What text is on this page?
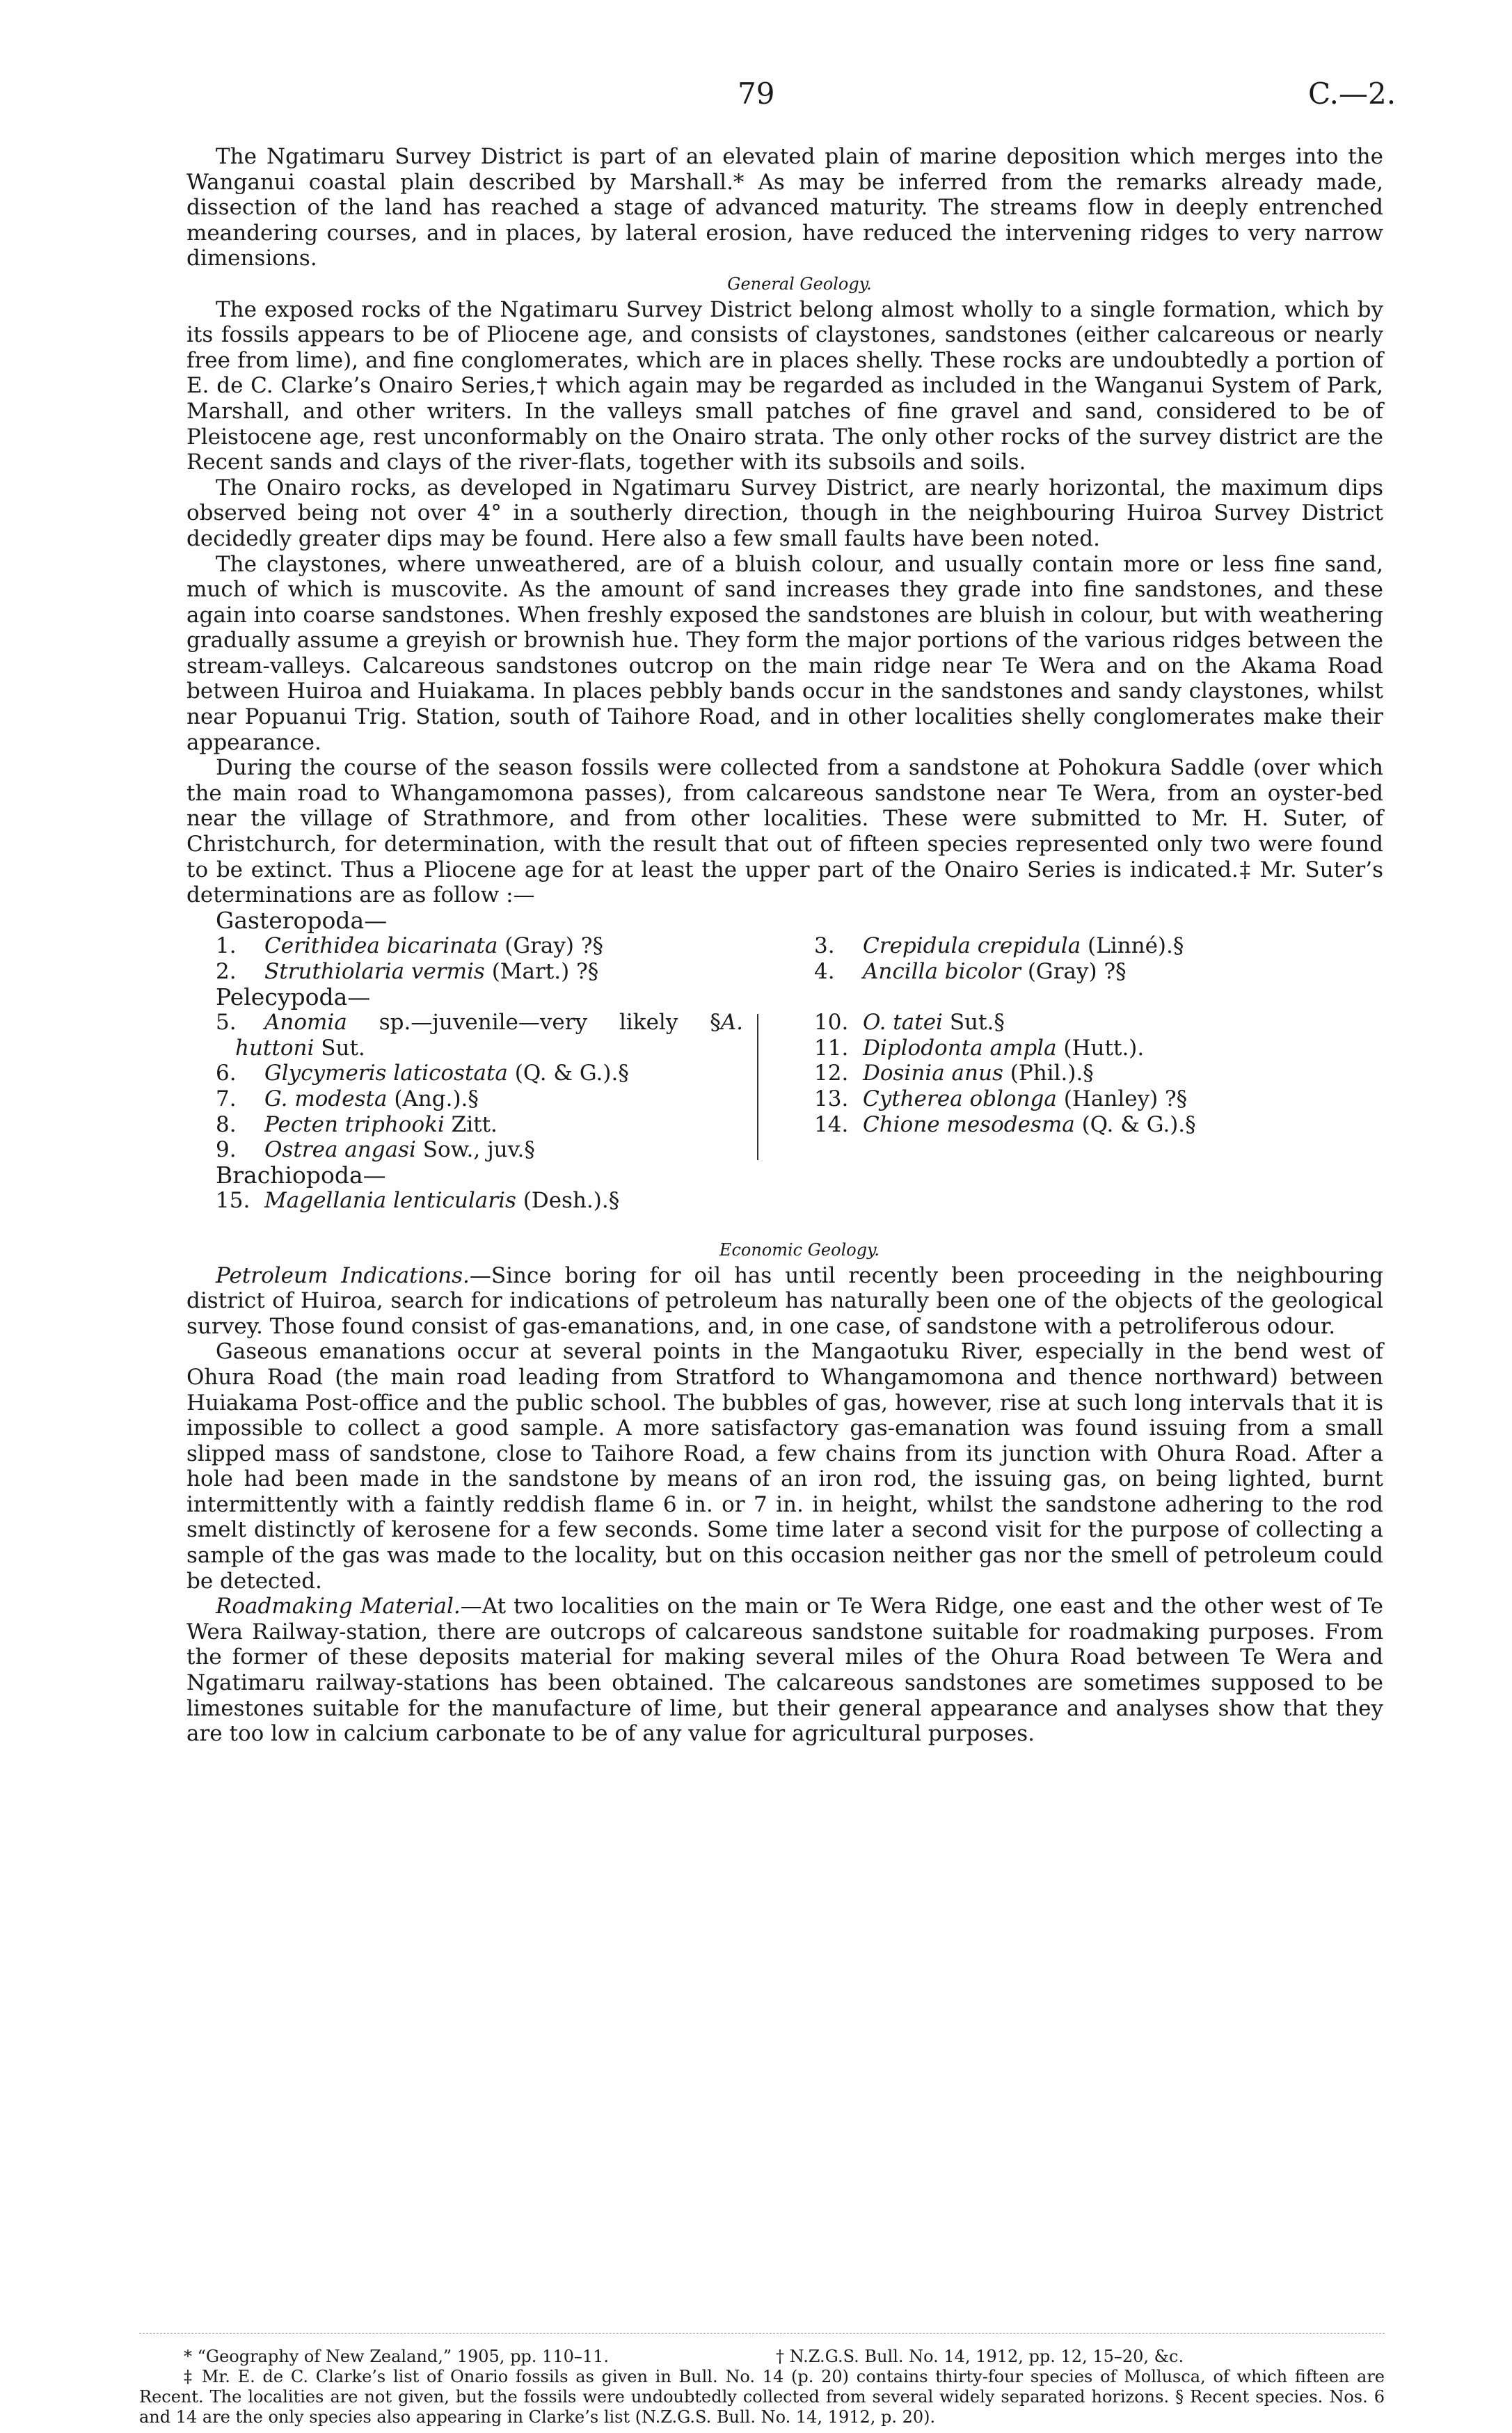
79	C.—2.

The Ngatimaru Survey District is part of an elevated plain of marine deposition which merges into the Wanganui coastal plain described by Marshall.* As may be inferred from the remarks already made, dissection of the land has reached a stage of advanced maturity. The streams flow in deeply entrenched meandering courses, and in places, by lateral erosion, have reduced the intervening ridges to very narrow dimensions.

General Geology.

The exposed rocks of the Ngatimaru Survey District belong almost wholly to a single formation, which by its fossils appears to be of Pliocene age, and consists of claystones, sandstones (either calcareous or nearly free from lime), and fine conglomerates, which are in places shelly. These rocks are undoubtedly a portion of E. de C. Clarke’s Onairo Series,† which again may be regarded as included in the Wanganui System of Park, Marshall, and other writers. In the valleys small patches of fine gravel and sand, considered to be of Pleistocene age, rest unconformably on the Onairo strata. The only other rocks of the survey district are the Recent sands and clays of the river-flats, together with its subsoils and soils.

The Onairo rocks, as developed in Ngatimaru Survey District, are nearly horizontal, the maximum dips observed being not over 4° in a southerly direction, though in the neighbouring Huiroa Survey District decidedly greater dips may be found. Here also a few small faults have been noted.

The claystones, where unweathered, are of a bluish colour, and usually contain more or less fine sand, much of which is muscovite. As the amount of sand increases they grade into fine sandstones, and these again into coarse sandstones. When freshly exposed the sandstones are bluish in colour, but with weathering gradually assume a greyish or brownish hue. They form the major portions of the various ridges between the stream-valleys. Calcareous sandstones outcrop on the main ridge near Te Wera and on the Akama Road between Huiroa and Huiakama. In places pebbly bands occur in the sandstones and sandy claystones, whilst near Popuanui Trig. Station, south of Taihore Road, and in other localities shelly conglomerates make their appearance.

During the course of the season fossils were collected from a sandstone at Pohokura Saddle (over which the main road to Whangamomona passes), from calcareous sandstone near Te Wera, from an oyster-bed near the village of Strathmore, and from other localities. These were submitted to Mr. H. Suter, of Christchurch, for determination, with the result that out of fifteen species represented only two were found to be extinct. Thus a Pliocene age for at least the upper part of the Onairo Series is indicated.‡ Mr. Suter’s determinations are as follow :—

Gasteropoda—

1. Cerithidea bicarinata (Gray) ?§

2. Struthiolaria vermis (Mart.) ?§

3. Crepidula crepidula (Linné).§

4. Ancilla bicolor (Gray) ?§

Pelecypoda—

5. Anomia sp.—juvenile—very likely §A. huttoni Sut.

6. Glycymeris laticostata (Q. & G.).§

7. G. modesta (Ang.).§

8. Pecten triphooki Zitt.

9. Ostrea angasi Sow., juv.§

10. O. tatei Sut.§

11. Diplodonta ampla (Hutt.).

12. Dosinia anus (Phil.).§

13. Cytherea oblonga (Hanley) ?§

14. Chione mesodesma (Q. & G.).§

Brachiopoda—

15. Magellania lenticularis (Desh.).§

Economic Geology.

Petroleum Indications.—Since boring for oil has until recently been proceeding in the neighbouring district of Huiroa, search for indications of petroleum has naturally been one of the objects of the geological survey. Those found consist of gas-emanations, and, in one case, of sandstone with a petroliferous odour.

Gaseous emanations occur at several points in the Mangaotuku River, especially in the bend west of Ohura Road (the main road leading from Stratford to Whangamomona and thence northward) between Huiakama Post-office and the public school. The bubbles of gas, however, rise at such long intervals that it is impossible to collect a good sample. A more satisfactory gas-emanation was found issuing from a small slipped mass of sandstone, close to Taihore Road, a few chains from its junction with Ohura Road. After a hole had been made in the sandstone by means of an iron rod, the issuing gas, on being lighted, burnt intermittently with a faintly reddish flame 6 in. or 7 in. in height, whilst the sandstone adhering to the rod smelt distinctly of kerosene for a few seconds. Some time later a second visit for the purpose of collecting a sample of the gas was made to the locality, but on this occasion neither gas nor the smell of petroleum could be detected.

Roadmaking Material.—At two localities on the main or Te Wera Ridge, one east and the other west of Te Wera Railway-station, there are outcrops of calcareous sandstone suitable for roadmaking purposes. From the former of these deposits material for making several miles of the Ohura Road between Te Wera and Ngatimaru railway-stations has been obtained. The calcareous sandstones are sometimes supposed to be limestones suitable for the manufacture of lime, but their general appearance and analyses show that they are too low in calcium carbonate to be of any value for agricultural purposes.

* “Geography of New Zealand,” 1905, pp. 110–11.	† N.Z.G.S. Bull. No. 14, 1912, pp. 12, 15–20, &c.

‡ Mr. E. de C. Clarke’s list of Onario fossils as given in Bull. No. 14 (p. 20) contains thirty-four species of Mollusca, of which fifteen are Recent. The localities are not given, but the fossils were undoubtedly collected from several widely separated horizons. § Recent species. Nos. 6 and 14 are the only species also appearing in Clarke’s list (N.Z.G.S. Bull. No. 14, 1912, p. 20).
